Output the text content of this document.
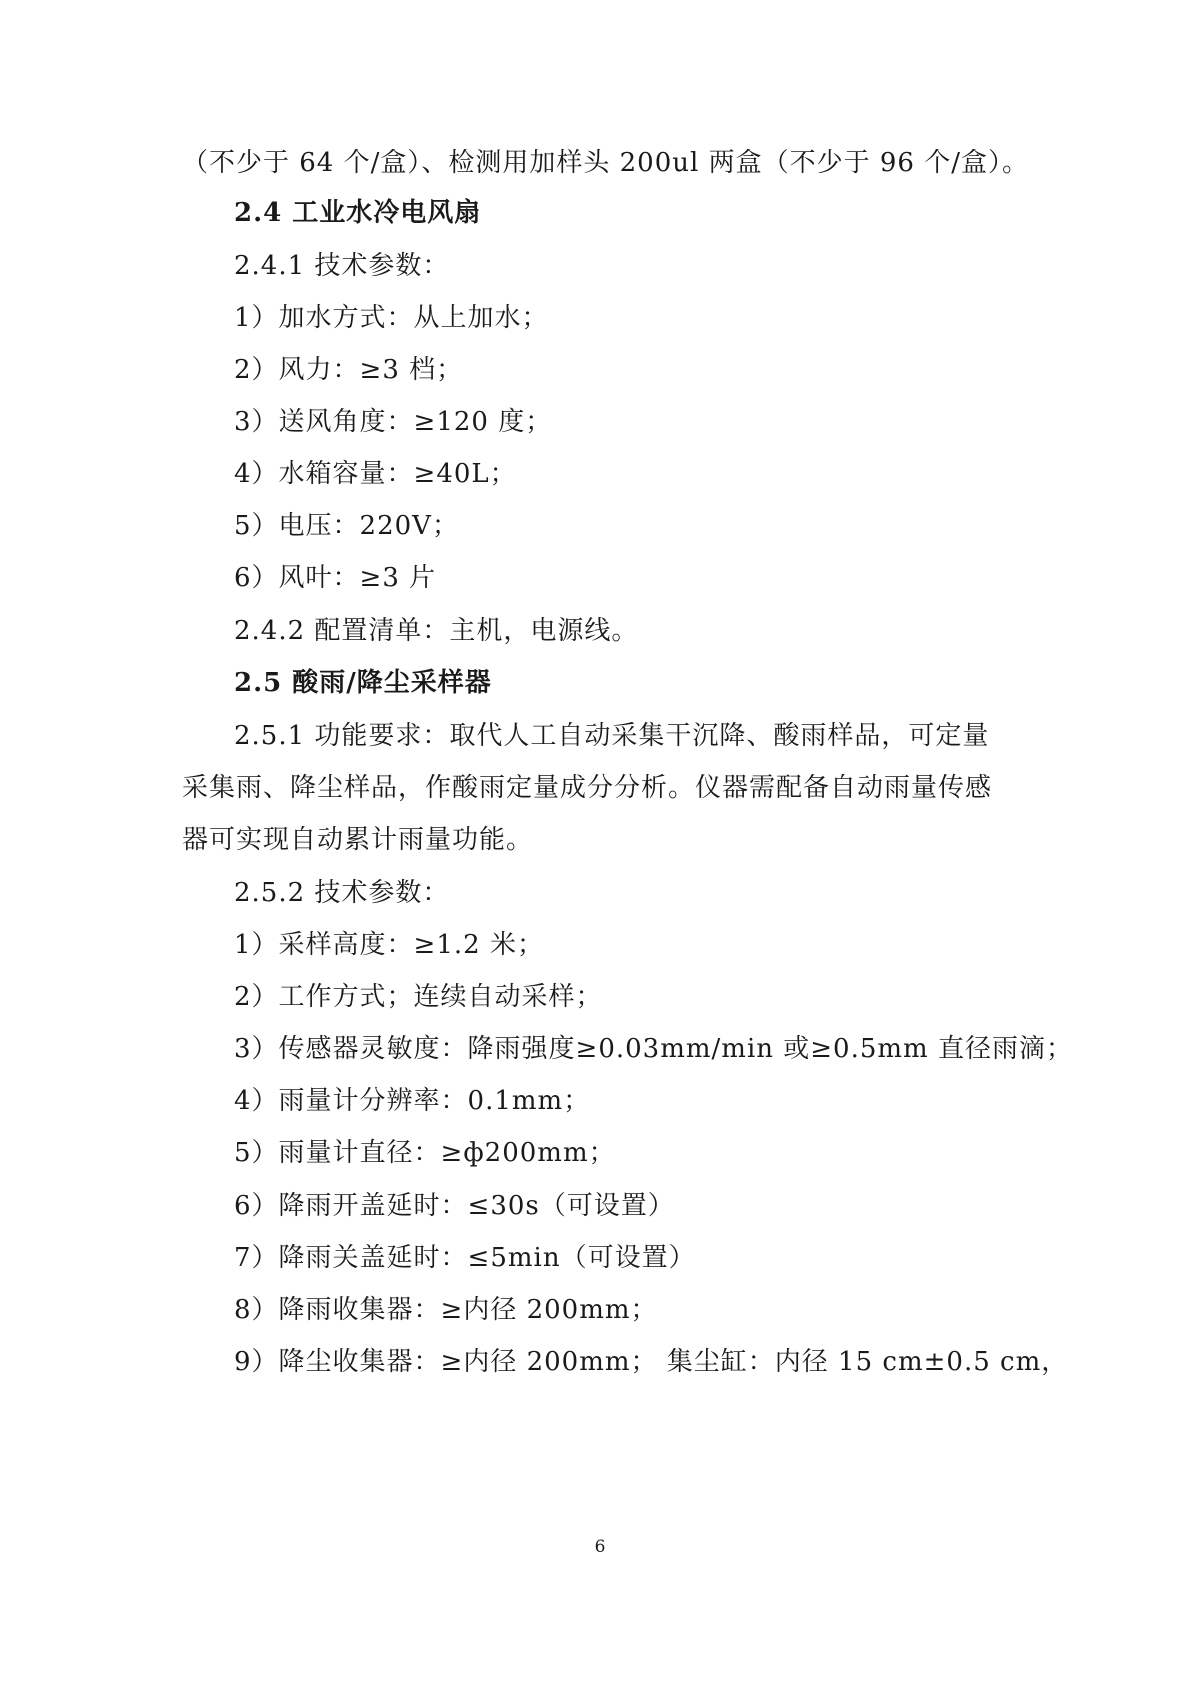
（不少于 64 个/盒）、检测用加样头 200ul 两盒（不少于 96 个/盒）。
2.4 工业水冷电风扇
2.4.1 技术参数：
1）加水方式：从上加水；
2）风力：≥3 档；
3）送风角度：≥120 度；
4）水箱容量：≥40L；
5）电压：220V；
6）风叶：≥3 片
2.4.2 配置清单：主机，电源线。
2.5 酸雨/降尘采样器
2.5.1 功能要求：取代人工自动采集干沉降、酸雨样品，可定量
采集雨、降尘样品，作酸雨定量成分分析。仪器需配备自动雨量传感
器可实现自动累计雨量功能。
2.5.2 技术参数：
1）采样高度：≥1.2 米；
2）工作方式；连续自动采样；
3）传感器灵敏度：降雨强度≥0.03mm/min 或≥0.5mm 直径雨滴；
4）雨量计分辨率：0.1mm；
5）雨量计直径：≥ф200mm；
6）降雨开盖延时：≤30s（可设置）
7）降雨关盖延时：≤5min（可设置）
8）降雨收集器：≥内径 200mm；
9）降尘收集器：≥内径 200mm； 集尘缸：内径 15 cm±0.5 cm，
6
